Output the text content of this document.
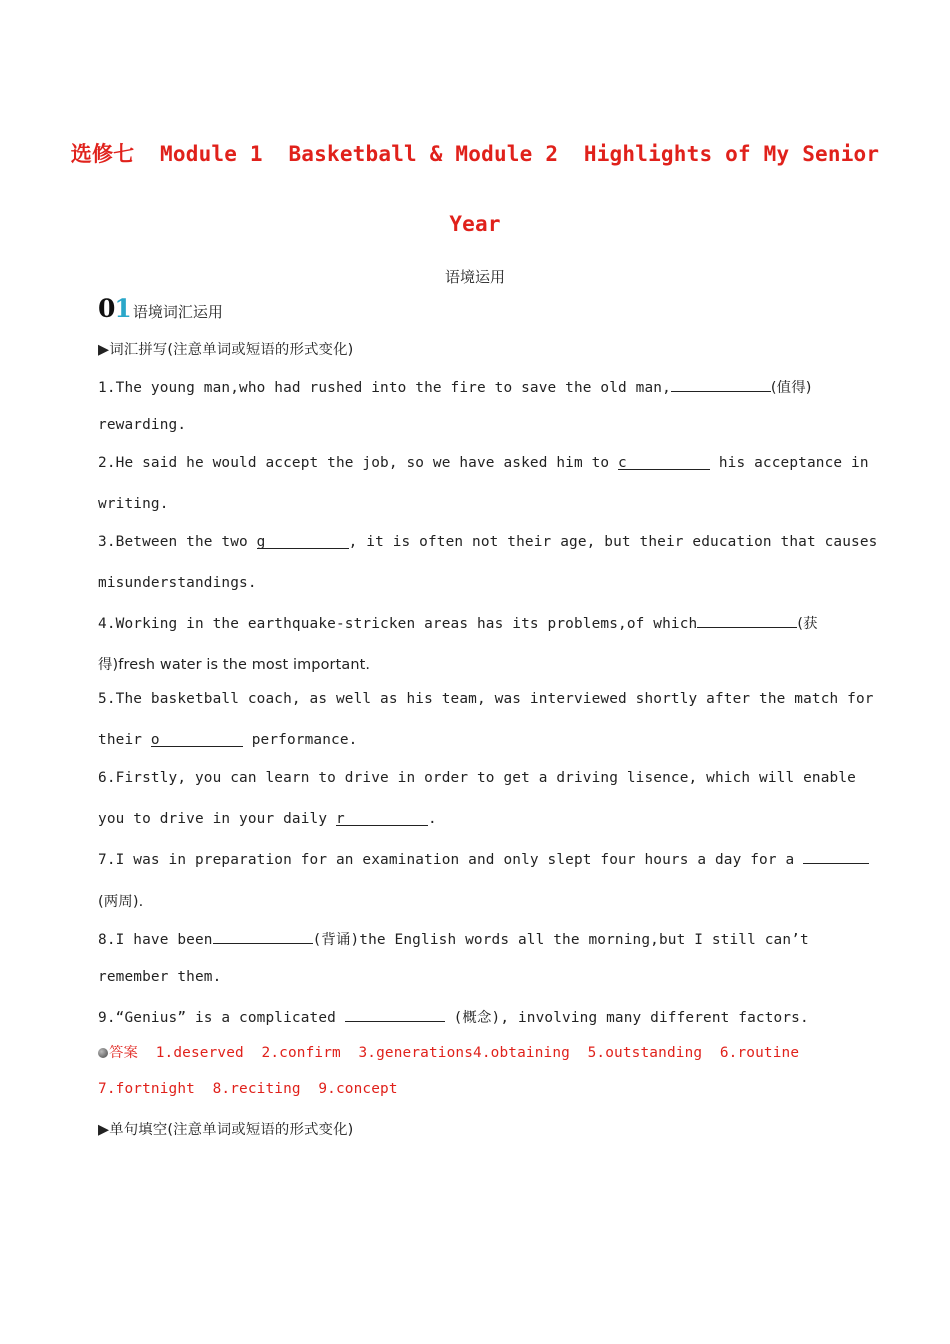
选修七  Module 1  Basketball & Module 2  Highlights of My Senior
Year
语境运用
01 语境词汇运用
▶词汇拼写(注意单词或短语的形式变化)
1.The young man,who had rushed into the fire to save the old man,	(值得)
rewarding.
2.He said he would accept the job, so we have asked him to c	his acceptance in
writing.
3.Between the two g	, it is often not their age, but their education that causes
misunderstandings.
4.Working in the earthquake-stricken areas has its problems,of which	(获
得)fresh water is the most important.
5.The basketball coach, as well as his team, was interviewed shortly after the match for
their o	performance.
6.Firstly, you can learn to drive in order to get a driving lisence, which will enable
you to drive in your daily r	.
7.I was in preparation for an examination and only slept four hours a day for a
(两周).
8.I have been	(背诵)the English words all the morning,but I still can’t
remember them.
9.“Genius” is a complicated	(概念), involving many different factors.
答案 1.deserved  2.confirm  3.generations4.obtaining  5.outstanding  6.routine
7.fortnight  8.reciting  9.concept
▶单句填空(注意单词或短语的形式变化)
